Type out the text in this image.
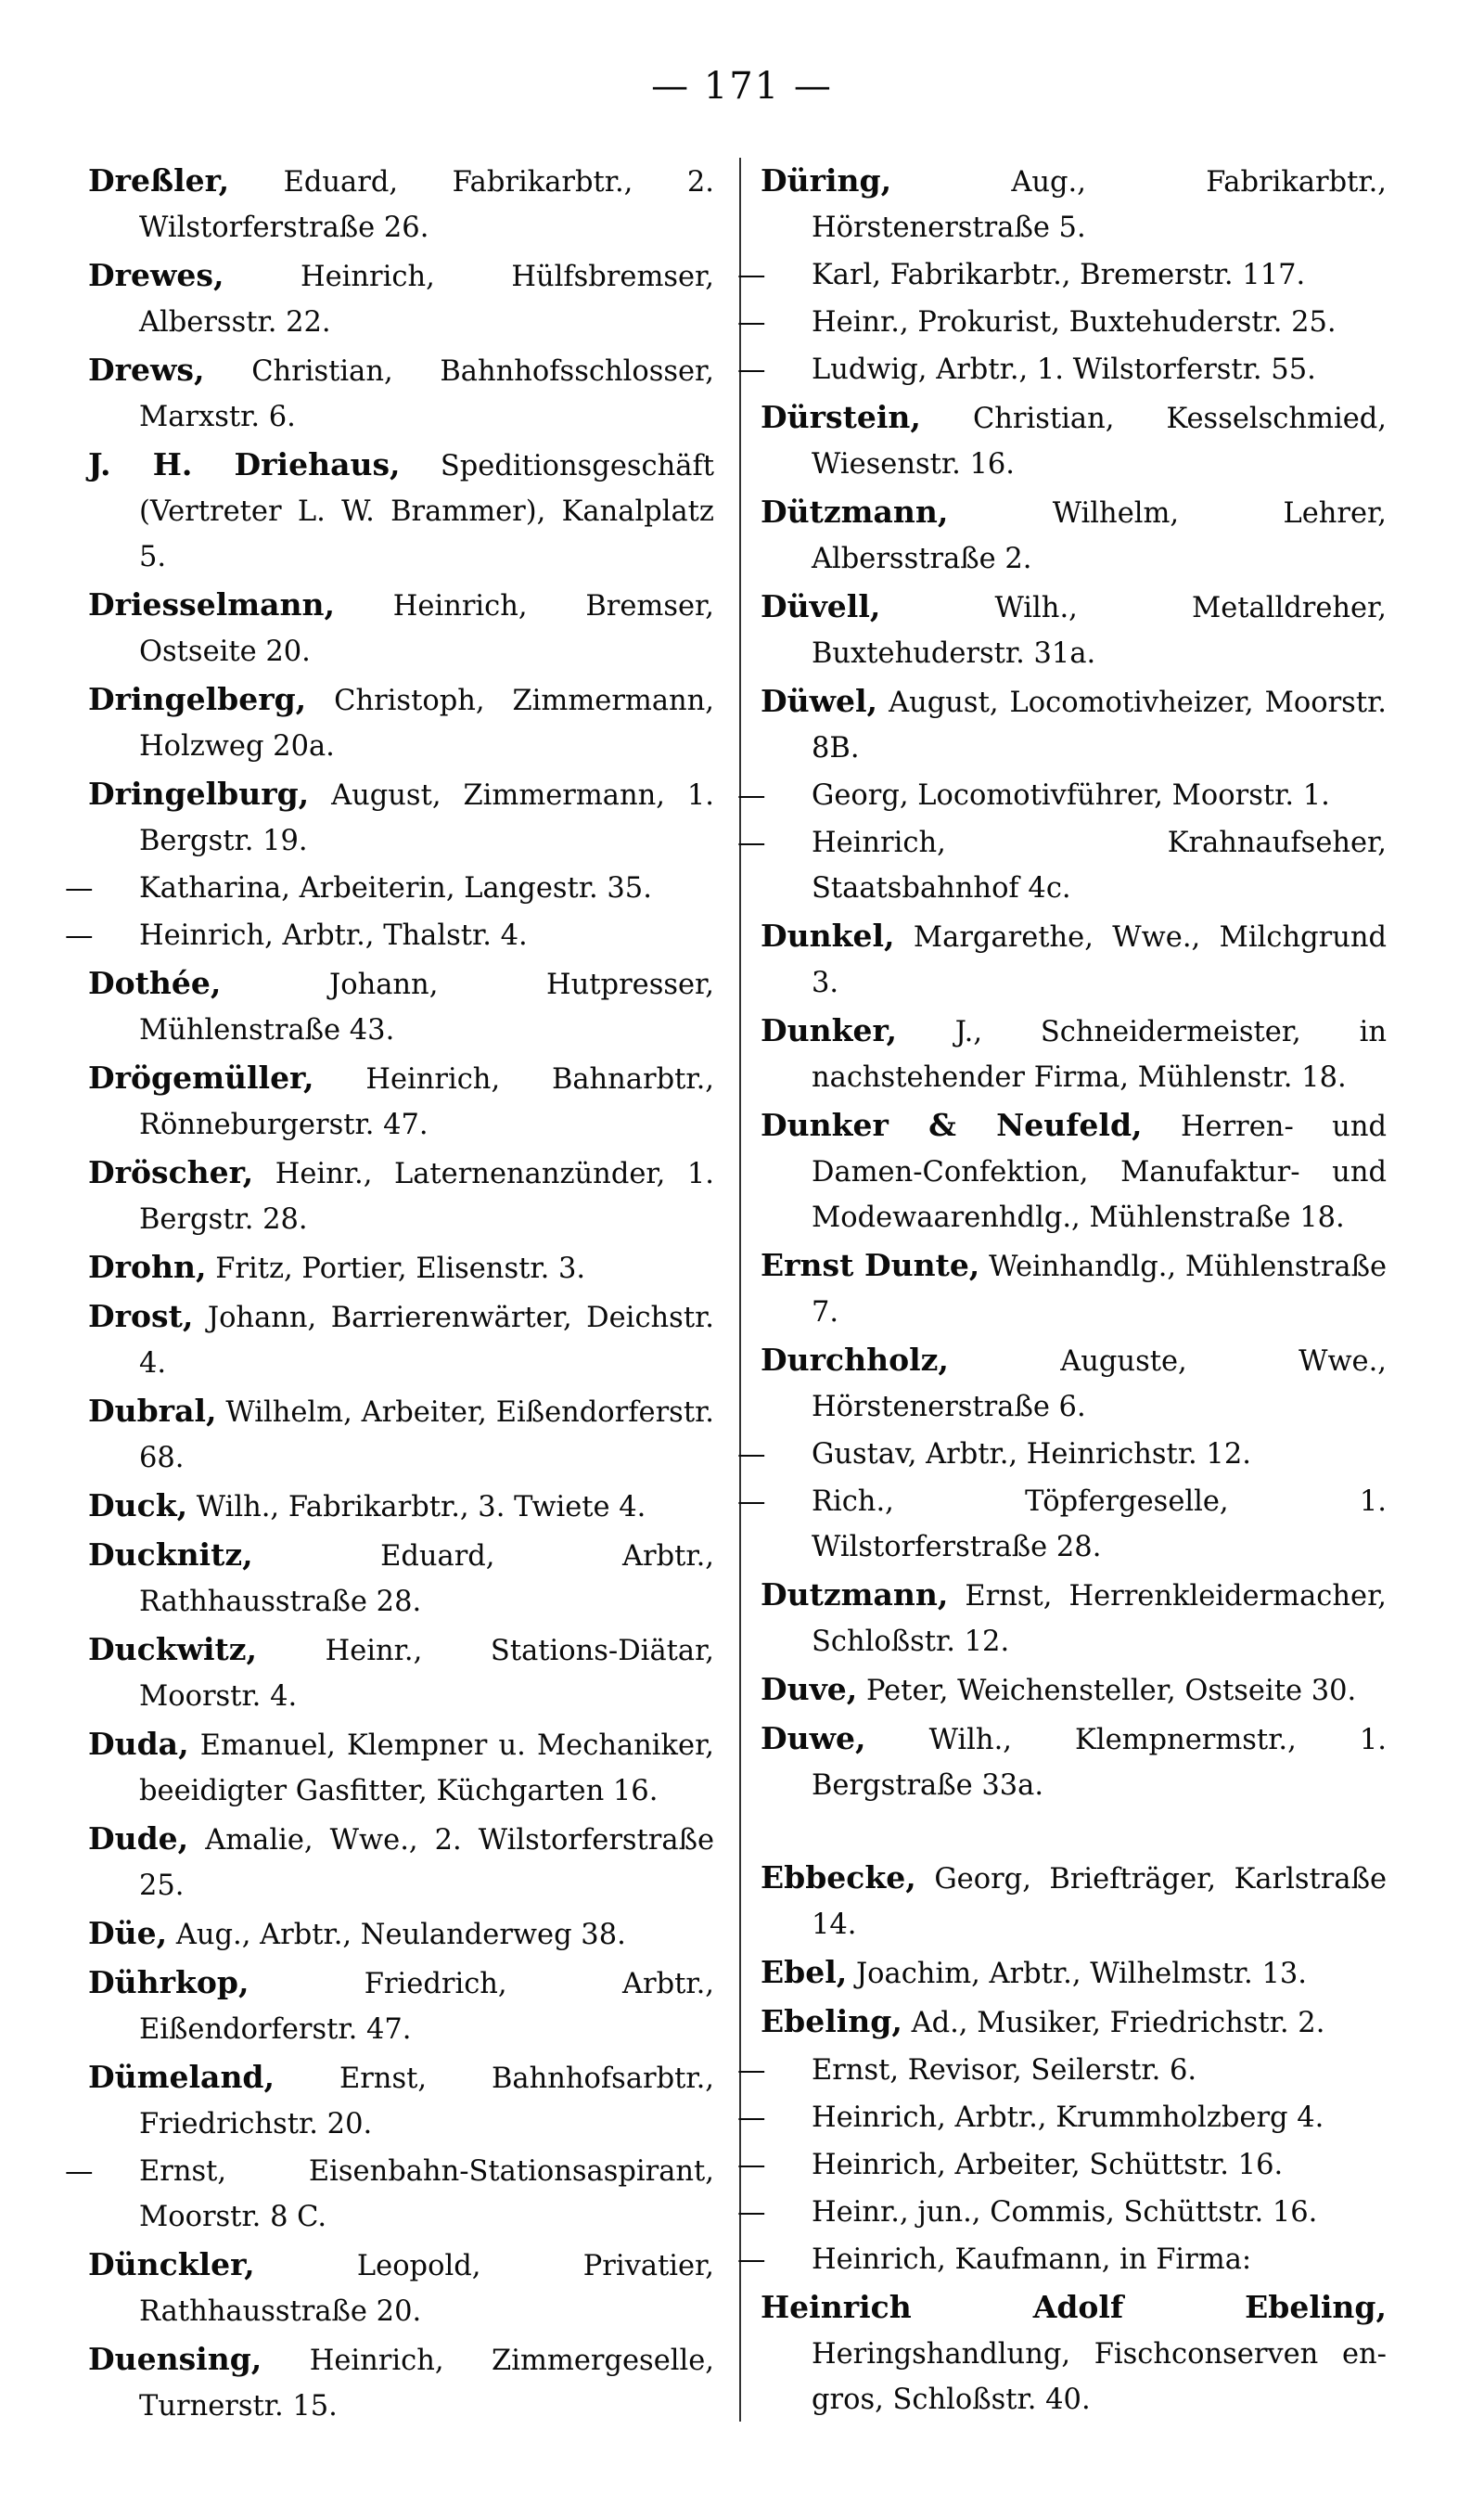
— 171 —
Dreßler, Eduard, Fabrikarbtr., 2. Wilstorferstraße 26.
Drewes,	Heinrich, Hülfsbremser, Albersstr. 22.
Drews, Christian, Bahnhofsschlosser, Marxstr. 6.
J. H. Driehaus, Speditionsgeschäft (Vertreter L. W. Brammer), Kanalplatz 5.
Driesselmann, Heinrich, Bremser, Ostseite 20.
Dringelberg, Christoph, Zimmermann, Holzweg 20a.
Dringelburg, August, Zimmermann, 1. Bergstr. 19.
— Katharina, Arbeiterin, Langestr. 35.
— Heinrich, Arbtr., Thalstr. 4.
Dothée,	Johann, Hutpresser, Mühlenstraße 43.
Drögemüller, Heinrich, Bahnarbtr., Rönneburgerstr. 47.
Dröscher, Heinr., Laternenanzünder, 1. Bergstr. 28.
Drohn, Fritz, Portier, Elisenstr. 3.
Drost, Johann, Barrierenwärter, Deichstr. 4.
Dubral, Wilhelm, Arbeiter, Eißendorferstr. 68.
Duck, Wilh., Fabrikarbtr., 3. Twiete 4.
Ducknitz,	Eduard, Arbtr., Rathhausstraße 28.
Duckwitz, Heinr., Stations-Diätar, Moorstr. 4.
Duda, Emanuel, Klempner u. Mechaniker, beeidigter Gasfitter, Küchgarten 16.
Dude, Amalie, Wwe., 2. Wilstorferstraße 25.
Düe, Aug., Arbtr., Neulanderweg 38.
Dührkop,	Friedrich, Arbtr., Eißendorferstr. 47.
Dümeland, Ernst, Bahnhofsarbtr., Friedrichstr. 20.
— Ernst, Eisenbahn-Stationsaspirant, Moorstr. 8 C.
Dünckler,	Leopold, Privatier, Rathhausstraße 20.
Duensing, Heinrich, Zimmergeselle, Turnerstr. 15.
Düring,	Aug., Fabrikarbtr., Hörstenerstraße 5.
— Karl, Fabrikarbtr., Bremerstr. 117.
— Heinr., Prokurist, Buxtehuderstr. 25.
— Ludwig, Arbtr., 1. Wilstorferstr. 55.
Dürstein, Christian, Kesselschmied, Wiesenstr. 16.
Dützmann,	Wilhelm, Lehrer, Albersstraße 2.
Düvell,	Wilh., Metalldreher, Buxtehuderstr. 31a.
Düwel, August, Locomotivheizer, Moorstr. 8B.
— Georg, Locomotivführer, Moorstr. 1.
— Heinrich, Krahnaufseher, Staatsbahnhof 4c.
Dunkel, Margarethe, Wwe., Milchgrund 3.
Dunker, J., Schneidermeister, in nachstehender Firma, Mühlenstr. 18.
Dunker & Neufeld, Herren- und Damen-Confektion, Manufaktur- und Modewaarenhdlg., Mühlenstraße 18.
Ernst Dunte, Weinhandlg., Mühlenstraße 7.
Durchholz,	Auguste, Wwe., Hörstenerstraße 6.
— Gustav, Arbtr., Heinrichstr. 12.
— Rich., Töpfergeselle, 1. Wilstorferstraße 28.
Dutzmann, Ernst, Herrenkleidermacher, Schloßstr. 12.
Duve, Peter, Weichensteller, Ostseite 30.
Duwe, Wilh., Klempnermstr., 1. Bergstraße 33a.
Ebbecke, Georg, Briefträger, Karlstraße 14.
Ebel, Joachim, Arbtr., Wilhelmstr. 13.
Ebeling, Ad., Musiker, Friedrichstr. 2.
— Ernst, Revisor, Seilerstr. 6.
— Heinrich, Arbtr., Krummholzberg 4.
— Heinrich, Arbeiter, Schüttstr. 16.
— Heinr., jun., Commis, Schüttstr. 16.
— Heinrich, Kaufmann, in Firma:
Heinrich Adolf Ebeling, Heringshandlung, Fischconserven en-gros, Schloßstr. 40.
